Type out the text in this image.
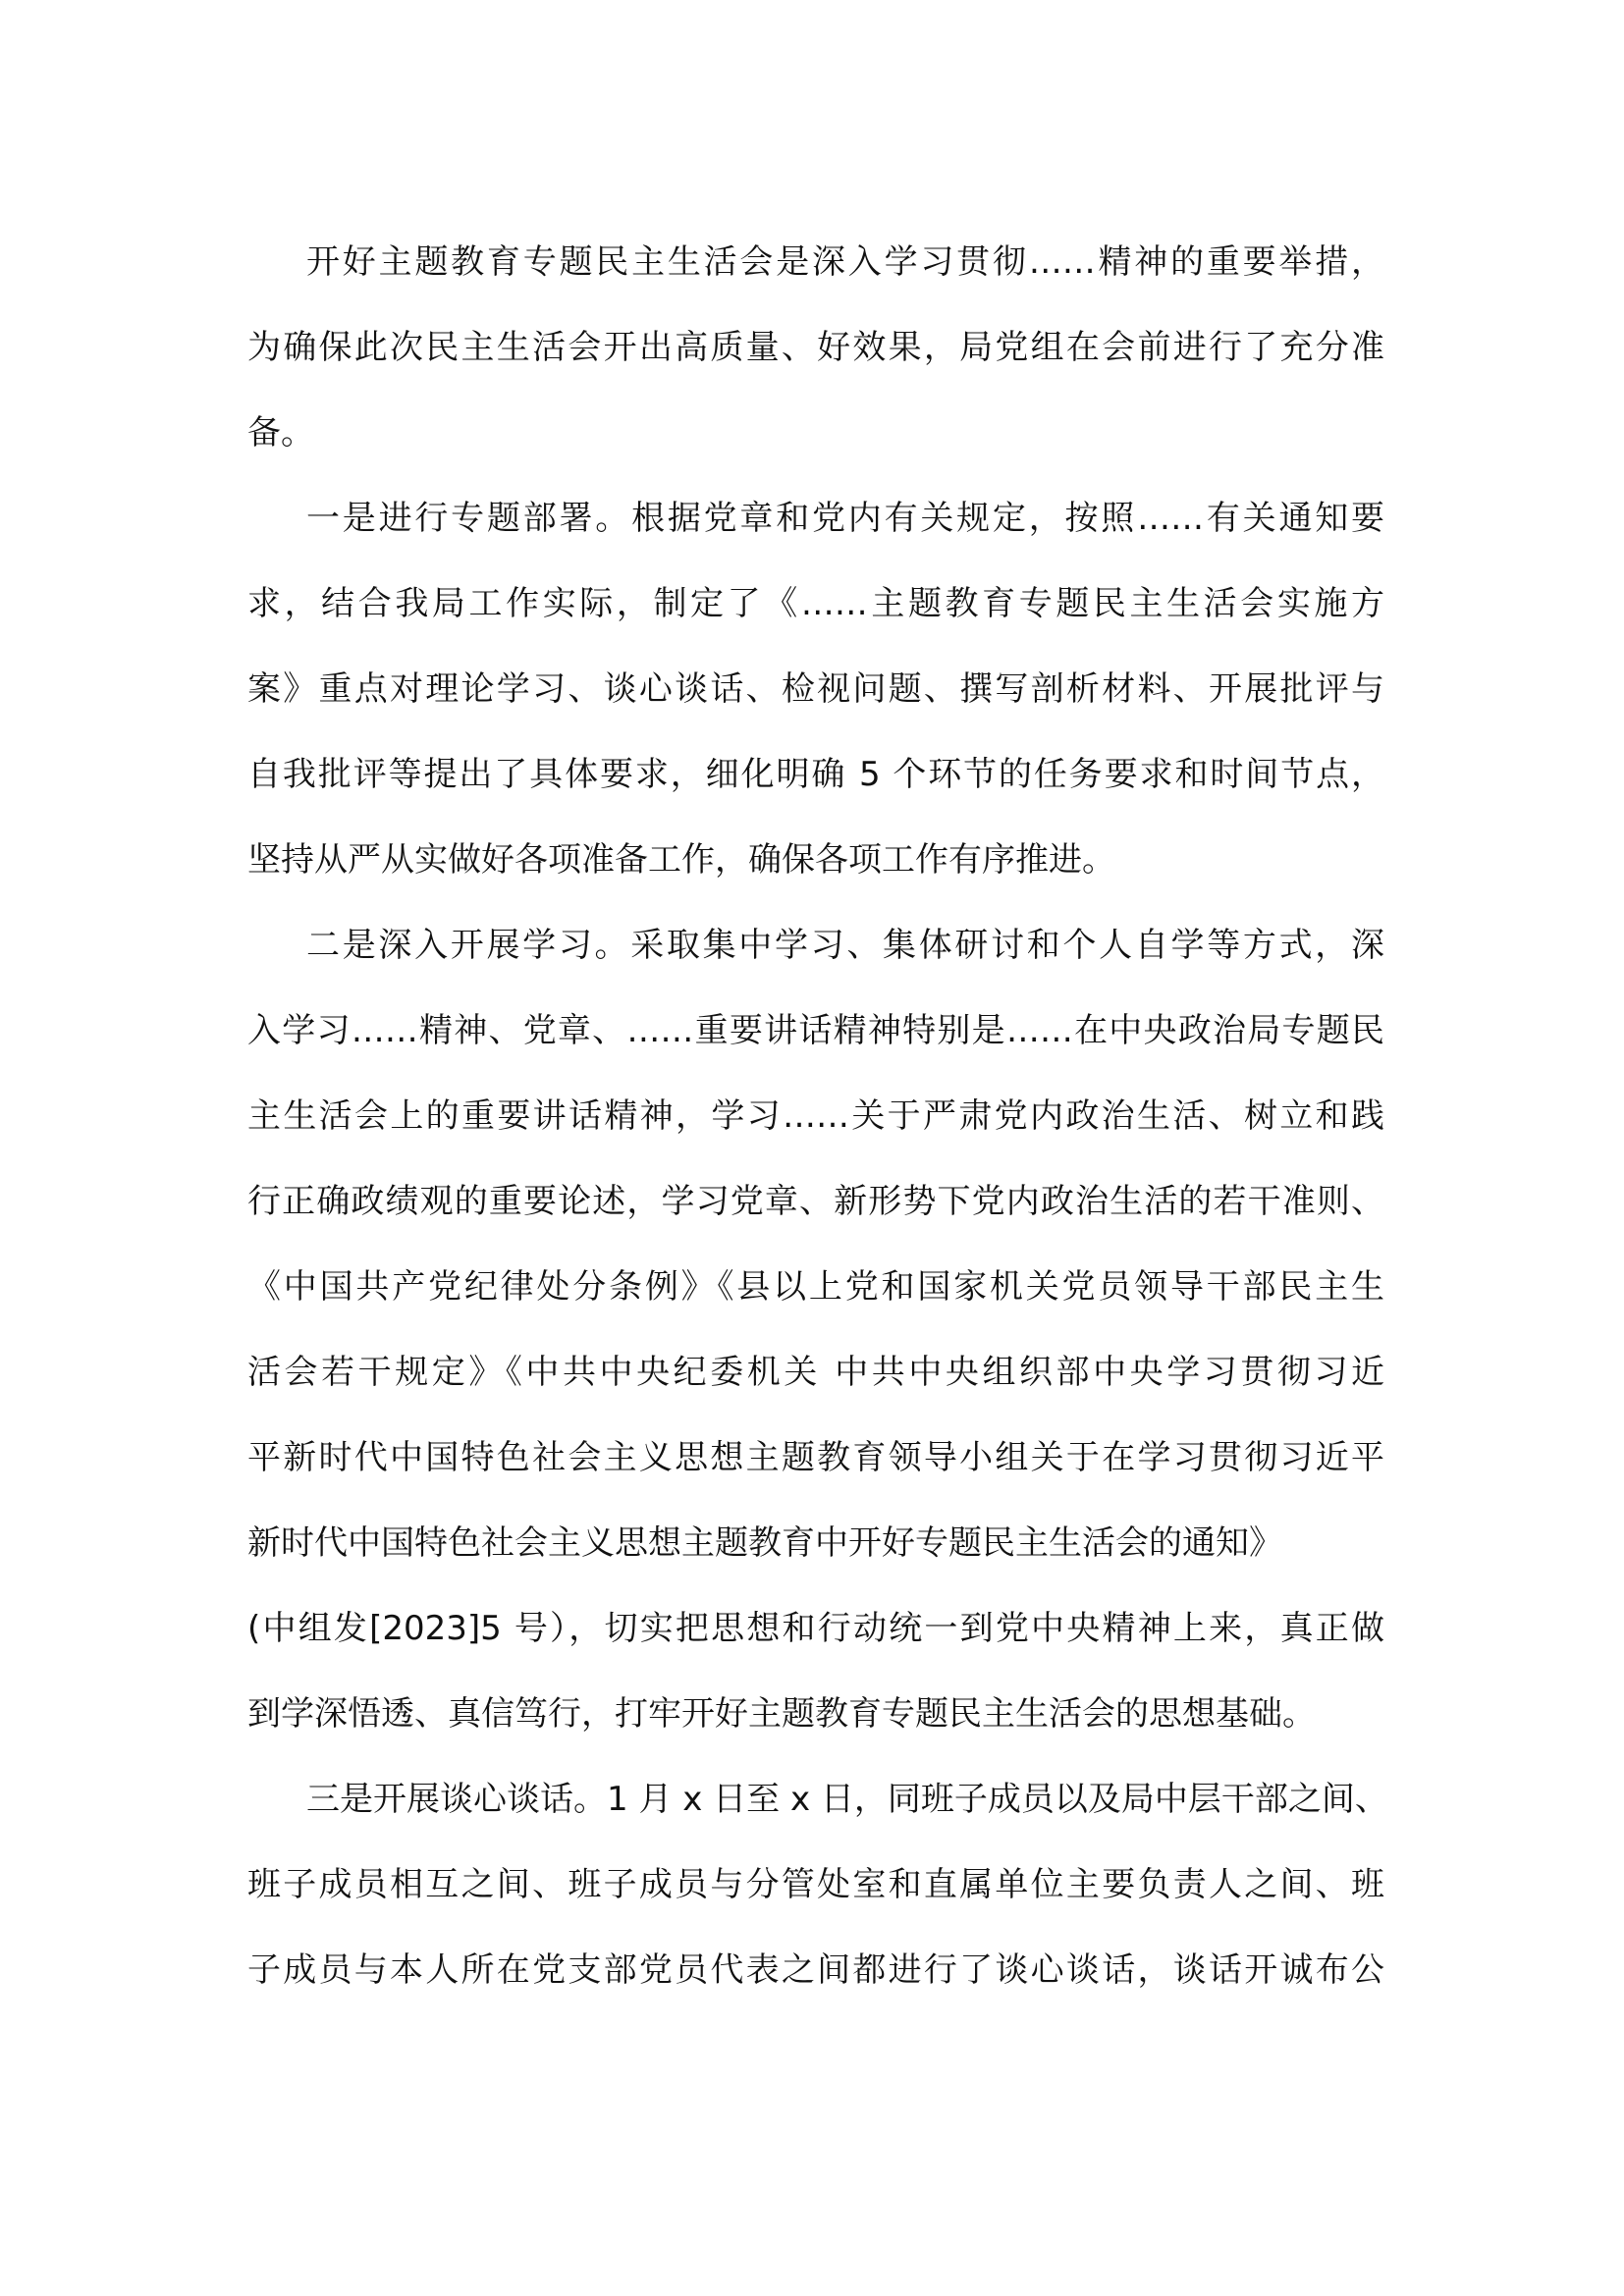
开好主题教育专题民主生活会是深入学习贯彻……精神的重要举措，
为确保此次民主生活会开出高质量、好效果，局党组在会前进行了充分准
备。
一是进行专题部署。根据党章和党内有关规定，按照……有关通知要
求，结合我局工作实际，制定了《……主题教育专题民主生活会实施方
案》重点对理论学习、谈心谈话、检视问题、撰写剖析材料、开展批评与
自我批评等提出了具体要求，细化明确 5 个环节的任务要求和时间节点，
坚持从严从实做好各项准备工作，确保各项工作有序推进。
二是深入开展学习。采取集中学习、集体研讨和个人自学等方式，深
入学习……精神、党章、……重要讲话精神特别是……在中央政治局专题民
主生活会上的重要讲话精神，学习……关于严肃党内政治生活、树立和践
行正确政绩观的重要论述，学习党章、新形势下党内政治生活的若干准则、
《中国共产党纪律处分条例》《县以上党和国家机关党员领导干部民主生
活会若干规定》《中共中央纪委机关 中共中央组织部中央学习贯彻习近
平新时代中国特色社会主义思想主题教育领导小组关于在学习贯彻习近平
新时代中国特色社会主义思想主题教育中开好专题民主生活会的通知》
(中组发[2023]5 号），切实把思想和行动统一到党中央精神上来，真正做
到学深悟透、真信笃行，打牢开好主题教育专题民主生活会的思想基础。
三是开展谈心谈话。1 月 x 日至 x 日，同班子成员以及局中层干部之间、
班子成员相互之间、班子成员与分管处室和直属单位主要负责人之间、班
子成员与本人所在党支部党员代表之间都进行了谈心谈话，谈话开诚布公
